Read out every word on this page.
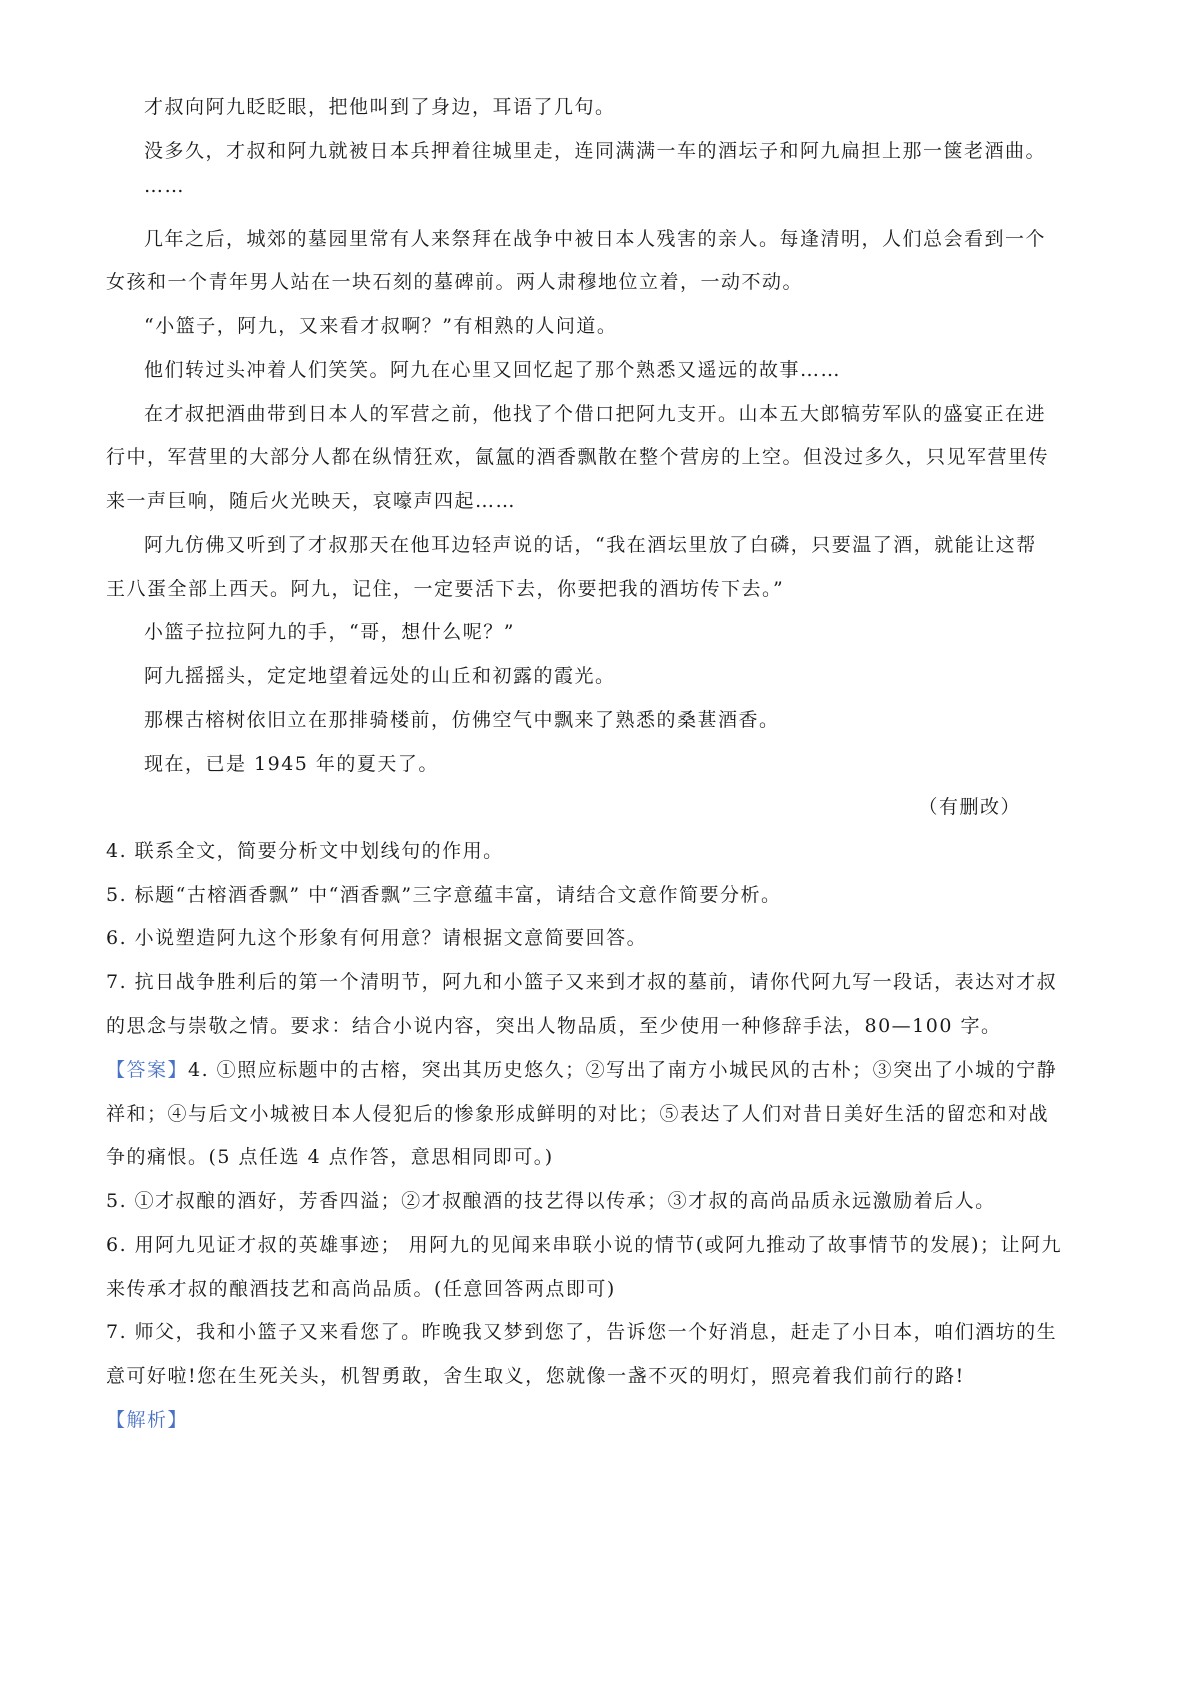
才叔向阿九眨眨眼，把他叫到了身边，耳语了几句。
没多久，才叔和阿九就被日本兵押着往城里走，连同满满一车的酒坛子和阿九扁担上那一箧老酒曲。
……
几年之后，城郊的墓园里常有人来祭拜在战争中被日本人残害的亲人。每逢清明，人们总会看到一个
女孩和一个青年男人站在一块石刻的墓碑前。两人肃穆地位立着，一动不动。
“小篮子，阿九，又来看才叔啊？”有相熟的人问道。
他们转过头冲着人们笑笑。阿九在心里又回忆起了那个熟悉又遥远的故事……
在才叔把酒曲带到日本人的军营之前，他找了个借口把阿九支开。山本五大郎犒劳军队的盛宴正在进
行中，军营里的大部分人都在纵情狂欢，氤氲的酒香飘散在整个营房的上空。但没过多久，只见军营里传
来一声巨响，随后火光映天，哀嚎声四起……
阿九仿佛又听到了才叔那天在他耳边轻声说的话，“我在酒坛里放了白磷，只要温了酒，就能让这帮
王八蛋全部上西天。阿九，记住，一定要活下去，你要把我的酒坊传下去。”
小篮子拉拉阿九的手，“哥，想什么呢？”
阿九摇摇头，定定地望着远处的山丘和初露的霞光。
那棵古榕树依旧立在那排骑楼前，仿佛空气中飘来了熟悉的桑葚酒香。
现在，已是 1945 年的夏天了。
（有删改）
4. 联系全文，简要分析文中划线句的作用。
5. 标题“古榕酒香飘” 中“酒香飘”三字意蕴丰富，请结合文意作简要分析。
6. 小说塑造阿九这个形象有何用意？请根据文意简要回答。
7. 抗日战争胜利后的第一个清明节，阿九和小篮子又来到才叔的墓前，请你代阿九写一段话，表达对才叔
的思念与崇敬之情。要求：结合小说内容，突出人物品质，至少使用一种修辞手法，80—100 字。
【答案】4. ①照应标题中的古榕，突出其历史悠久；②写出了南方小城民风的古朴；③突出了小城的宁静
祥和；④与后文小城被日本人侵犯后的惨象形成鲜明的对比；⑤表达了人们对昔日美好生活的留恋和对战
争的痛恨。(5 点任选 4 点作答，意思相同即可。)
5. ①才叔酿的酒好，芳香四溢；②才叔酿酒的技艺得以传承；③才叔的高尚品质永远激励着后人。
6. 用阿九见证才叔的英雄事迹； 用阿九的见闻来串联小说的情节(或阿九推动了故事情节的发展)；让阿九
来传承才叔的酿酒技艺和高尚品质。(任意回答两点即可)
7. 师父，我和小篮子又来看您了。昨晚我又梦到您了，告诉您一个好消息，赶走了小日本，咱们酒坊的生
意可好啦!您在生死关头，机智勇敢，舍生取义，您就像一盏不灭的明灯，照亮着我们前行的路!
【解析】
